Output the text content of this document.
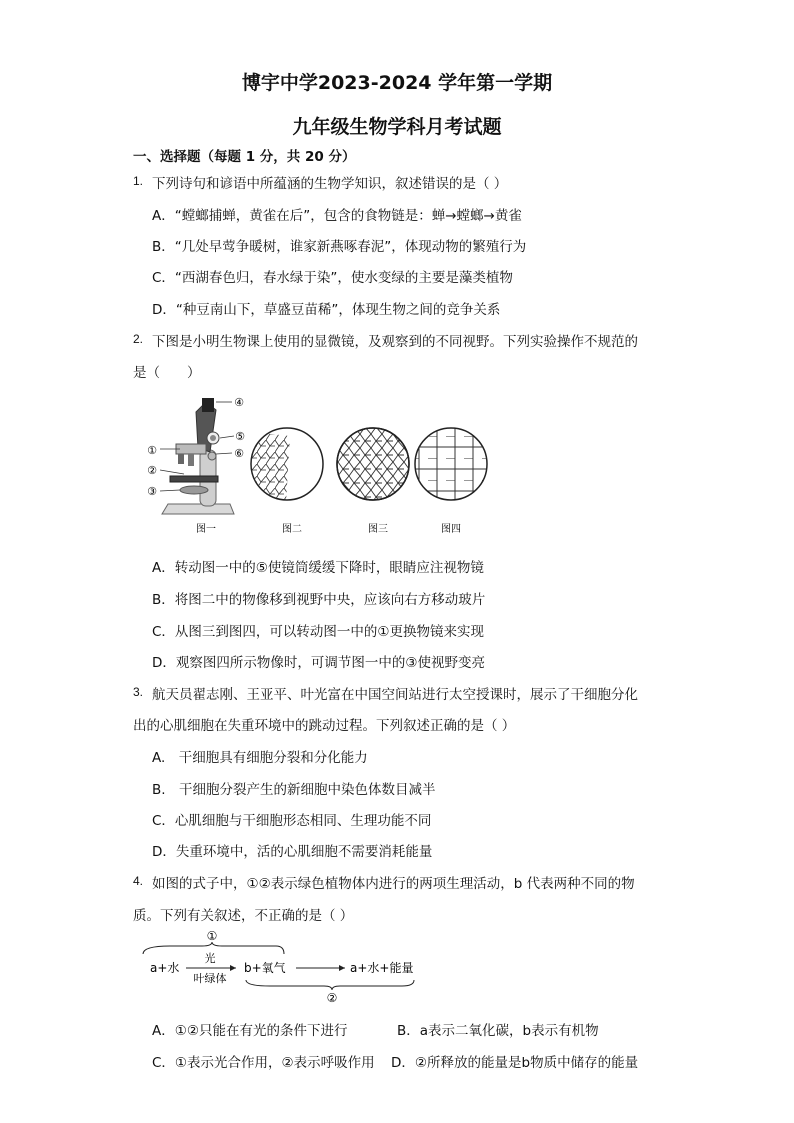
博宇中学2023-2024 学年第一学期
九年级生物学科月考试题
一、选择题（每题 1 分，共 20 分）
1. 下列诗句和谚语中所蕴涵的生物学知识，叙述错误的是（ ）
A．“螳螂捕蝉，黄雀在后”，包含的食物链是：蝉→螳螂→黄雀
B．“几处早莺争暖树，谁家新燕啄春泥”，体现动物的繁殖行为
C．“西湖春色归，春水绿于染”，使水变绿的主要是藻类植物
D．“种豆南山下，草盛豆苗稀”，体现生物之间的竞争关系
2. 下图是小明生物课上使用的显微镜，及观察到的不同视野。下列实验操作不规范的
是（　　）
①
②
③
④
⑤
⑥
图一	图二	图三	图四
A．转动图一中的⑤使镜筒缓缓下降时，眼睛应注视物镜
B．将图二中的物像移到视野中央，应该向右方移动玻片
C．从图三到图四，可以转动图一中的①更换物镜来实现
D．观察图四所示物像时，可调节图一中的③使视野变亮
3. 航天员翟志刚、王亚平、叶光富在中国空间站进行太空授课时，展示了干细胞分化
出的心肌细胞在失重环境中的跳动过程。下列叙述正确的是（ ）
A.　干细胞具有细胞分裂和分化能力
B.　干细胞分裂产生的新细胞中染色体数目减半
C．心肌细胞与干细胞形态相同、生理功能不同
D．失重环境中，活的心肌细胞不需要消耗能量
4. 如图的式子中，①②表示绿色植物体内进行的两项生理活动，b 代表两种不同的物
质。下列有关叙述，不正确的是（ ）
①
a+水
光
叶绿体
b+氧气	a+水+能量
②
A．①②只能在有光的条件下进行	B．a表示二氧化碳，b表示有机物
C．①表示光合作用，②表示呼吸作用 D．②所释放的能量是b物质中储存的能量
